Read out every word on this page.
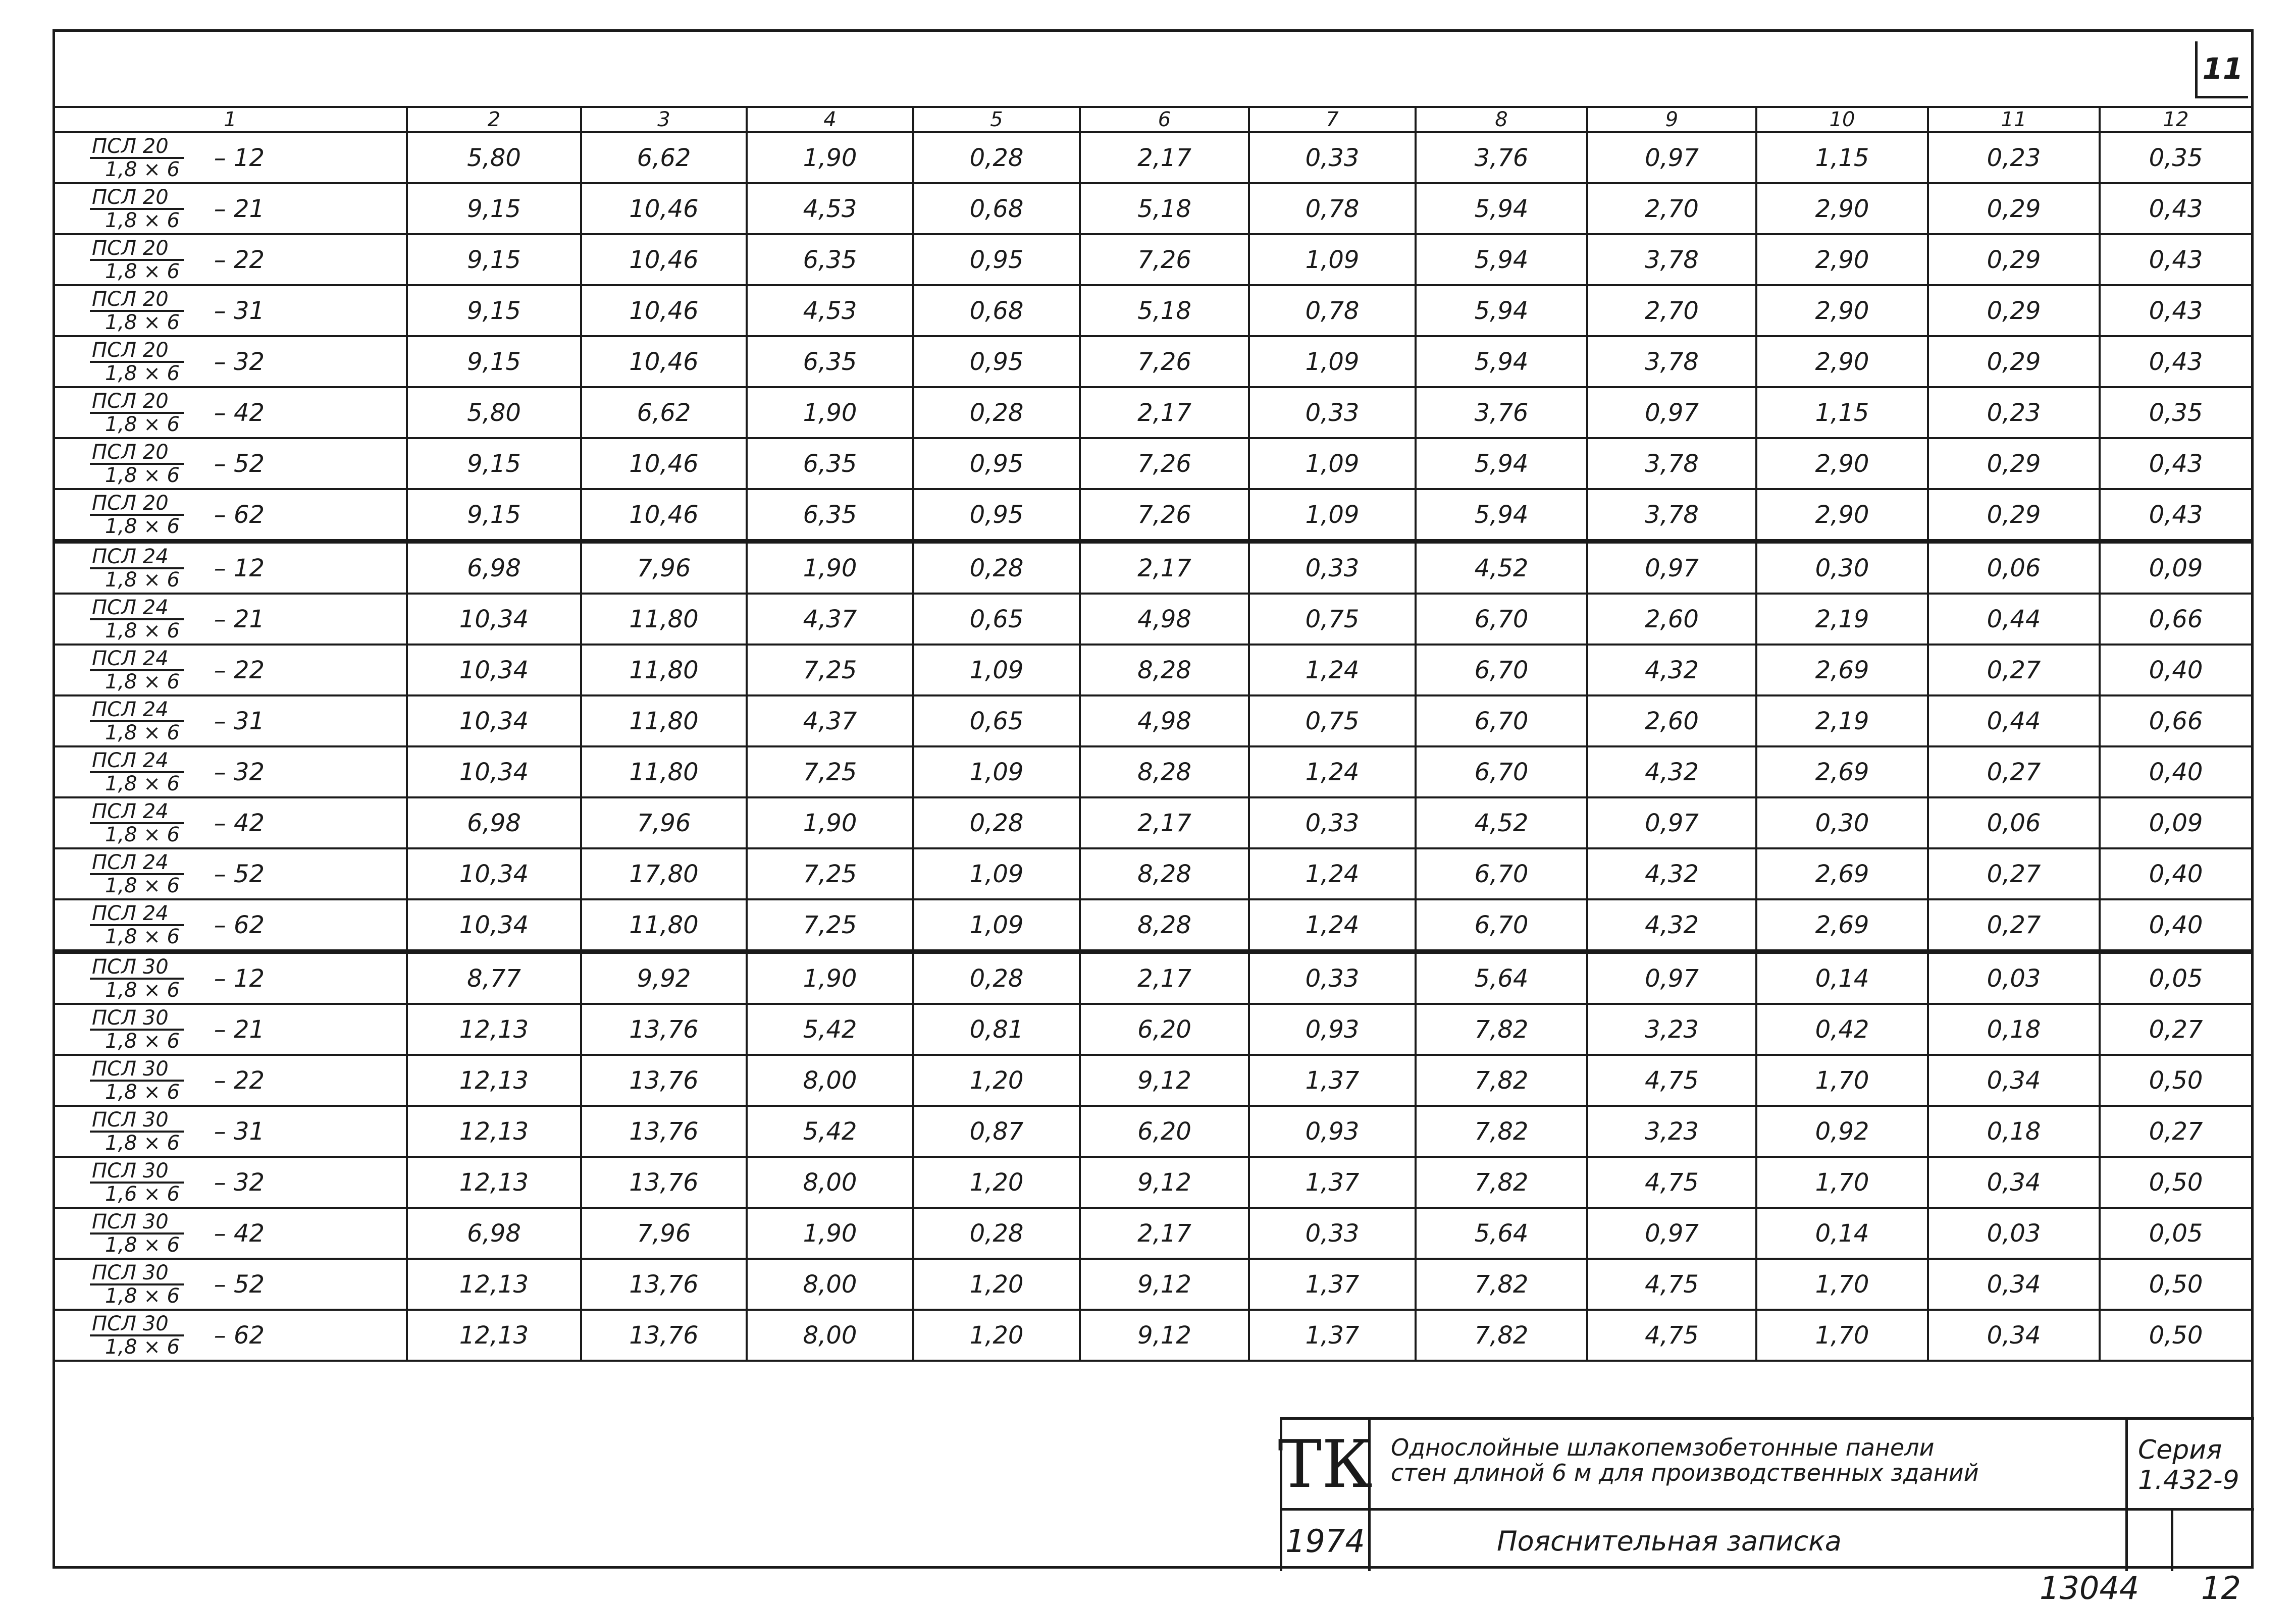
11
1	2	3	4	5	6	7	8	9	10	11	12

$\frac{\text{ПСЛ 20}}{1,8 \times 6} - 12$	5,80	6,62	1,90	0,28	2,17	0,33	3,76	0,97	1,15	0,23	0,35

$\frac{\text{ПСЛ 20}}{1,8 \times 6} - 21$	9,15	10,46	4,53	0,68	5,18	0,78	5,94	2,70	2,90	0,29	0,43

$\frac{\text{ПСЛ 20}}{1,8 \times 6} - 22$	9,15	10,46	6,35	0,95	7,26	1,09	5,94	3,78	2,90	0,29	0,43

$\frac{\text{ПСЛ 20}}{1,8 \times 6} - 31$	9,15	10,46	4,53	0,68	5,18	0,78	5,94	2,70	2,90	0,29	0,43

$\frac{\text{ПСЛ 20}}{1,8 \times 6} - 32$	9,15	10,46	6,35	0,95	7,26	1,09	5,94	3,78	2,90	0,29	0,43

$\frac{\text{ПСЛ 20}}{1,8 \times 6} - 42$	5,80	6,62	1,90	0,28	2,17	0,33	3,76	0,97	1,15	0,23	0,35

$\frac{\text{ПСЛ 20}}{1,8 \times 6} - 52$	9,15	10,46	6,35	0,95	7,26	1,09	5,94	3,78	2,90	0,29	0,43

$\frac{\text{ПСЛ 20}}{1,8 \times 6} - 62$	9,15	10,46	6,35	0,95	7,26	1,09	5,94	3,78	2,90	0,29	0,43

$\frac{\text{ПСЛ 24}}{1,8 \times 6} - 12$	6,98	7,96	1,90	0,28	2,17	0,33	4,52	0,97	0,30	0,06	0,09

$\frac{\text{ПСЛ 24}}{1,8 \times 6} - 21$	10,34	11,80	4,37	0,65	4,98	0,75	6,70	2,60	2,19	0,44	0,66

$\frac{\text{ПСЛ 24}}{1,8 \times 6} - 22$	10,34	11,80	7,25	1,09	8,28	1,24	6,70	4,32	2,69	0,27	0,40

$\frac{\text{ПСЛ 24}}{1,8 \times 6} - 31$	10,34	11,80	4,37	0,65	4,98	0,75	6,70	2,60	2,19	0,44	0,66

$\frac{\text{ПСЛ 24}}{1,8 \times 6} - 32$	10,34	11,80	7,25	1,09	8,28	1,24	6,70	4,32	2,69	0,27	0,40

$\frac{\text{ПСЛ 24}}{1,8 \times 6} - 42$	6,98	7,96	1,90	0,28	2,17	0,33	4,52	0,97	0,30	0,06	0,09

$\frac{\text{ПСЛ 24}}{1,8 \times 6} - 52$	10,34	17,80	7,25	1,09	8,28	1,24	6,70	4,32	2,69	0,27	0,40

$\frac{\text{ПСЛ 24}}{1,8 \times 6} - 62$	10,34	11,80	7,25	1,09	8,28	1,24	6,70	4,32	2,69	0,27	0,40

$\frac{\text{ПСЛ 30}}{1,8 \times 6} - 12$	8,77	9,92	1,90	0,28	2,17	0,33	5,64	0,97	0,14	0,03	0,05

$\frac{\text{ПСЛ 30}}{1,8 \times 6} - 21$	12,13	13,76	5,42	0,81	6,20	0,93	7,82	3,23	0,42	0,18	0,27

$\frac{\text{ПСЛ 30}}{1,8 \times 6} - 22$	12,13	13,76	8,00	1,20	9,12	1,37	7,82	4,75	1,70	0,34	0,50

$\frac{\text{ПСЛ 30}}{1,8 \times 6} - 31$	12,13	13,76	5,42	0,87	6,20	0,93	7,82	3,23	0,92	0,18	0,27

$\frac{\text{ПСЛ 30}}{1,6 \times 6} - 32$	12,13	13,76	8,00	1,20	9,12	1,37	7,82	4,75	1,70	0,34	0,50

$\frac{\text{ПСЛ 30}}{1,8 \times 6} - 42$	6,98	7,96	1,90	0,28	2,17	0,33	5,64	0,97	0,14	0,03	0,05

$\frac{\text{ПСЛ 30}}{1,8 \times 6} - 52$	12,13	13,76	8,00	1,20	9,12	1,37	7,82	4,75	1,70	0,34	0,50

$\frac{\text{ПСЛ 30}}{1,8 \times 6} - 62$	12,13	13,76	8,00	1,20	9,12	1,37	7,82	4,75	1,70	0,34	0,50
ТК
1974
Однослойные шлакопемзобетонные панели
стен длиной 6 м для производственных зданий
Серия
1.432-9
Пояснительная записка
13044 12
